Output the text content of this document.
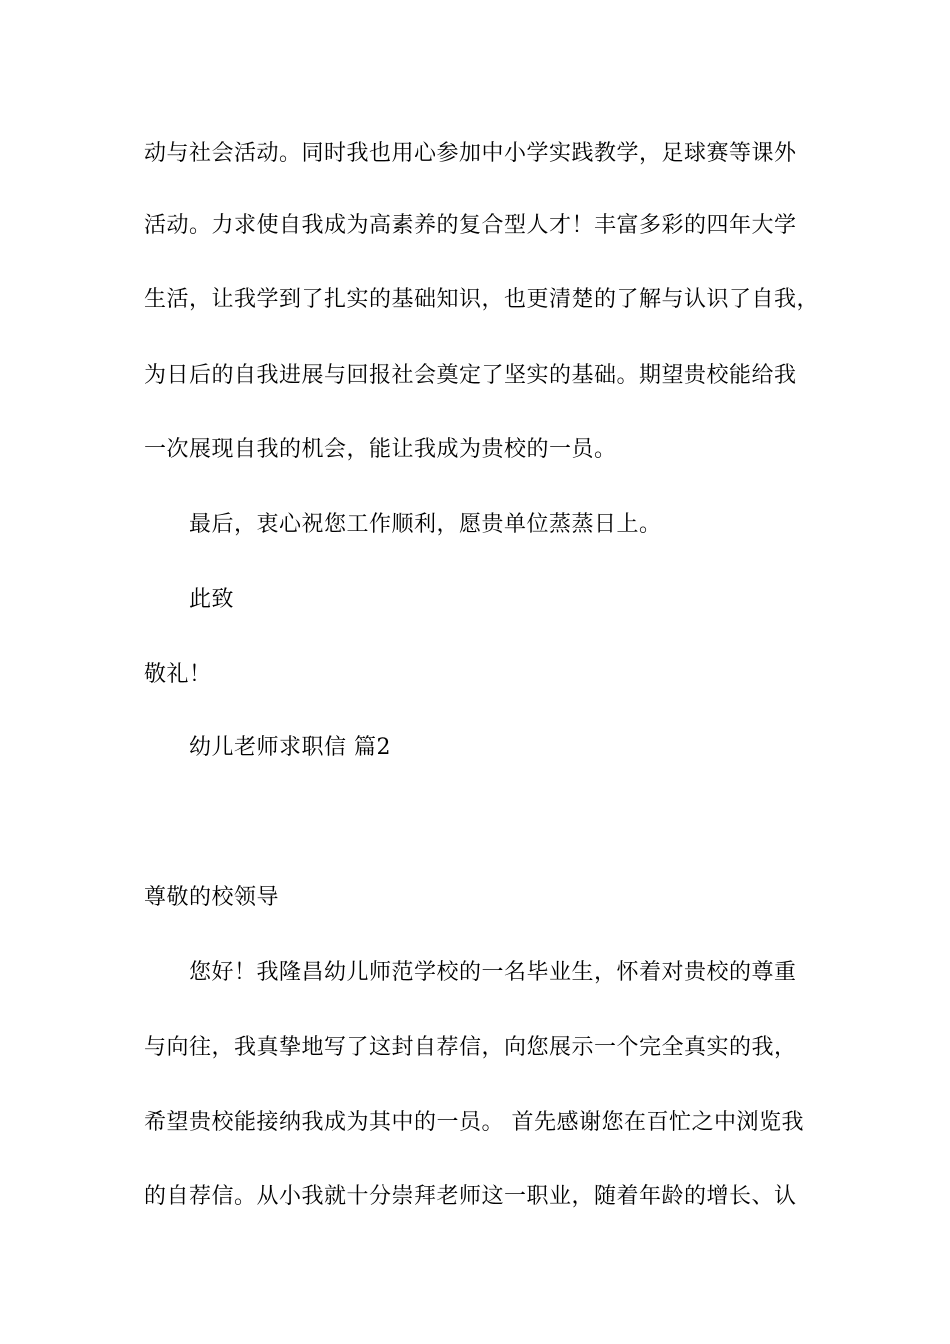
动与社会活动。同时我也用心参加中小学实践教学，足球赛等课外
活动。力求使自我成为高素养的复合型人才！丰富多彩的四年大学
生活，让我学到了扎实的基础知识，也更清楚的了解与认识了自我，
为日后的自我进展与回报社会奠定了坚实的基础。期望贵校能给我
一次展现自我的机会，能让我成为贵校的一员。
最后，衷心祝您工作顺利，愿贵单位蒸蒸日上。
此致
敬礼！
幼儿老师求职信 篇2
尊敬的校领导
您好！我隆昌幼儿师范学校的一名毕业生，怀着对贵校的尊重
与向往，我真挚地写了这封自荐信，向您展示一个完全真实的我，
希望贵校能接纳我成为其中的一员。 首先感谢您在百忙之中浏览我
的自荐信。从小我就十分崇拜老师这一职业，随着年龄的增长、认
